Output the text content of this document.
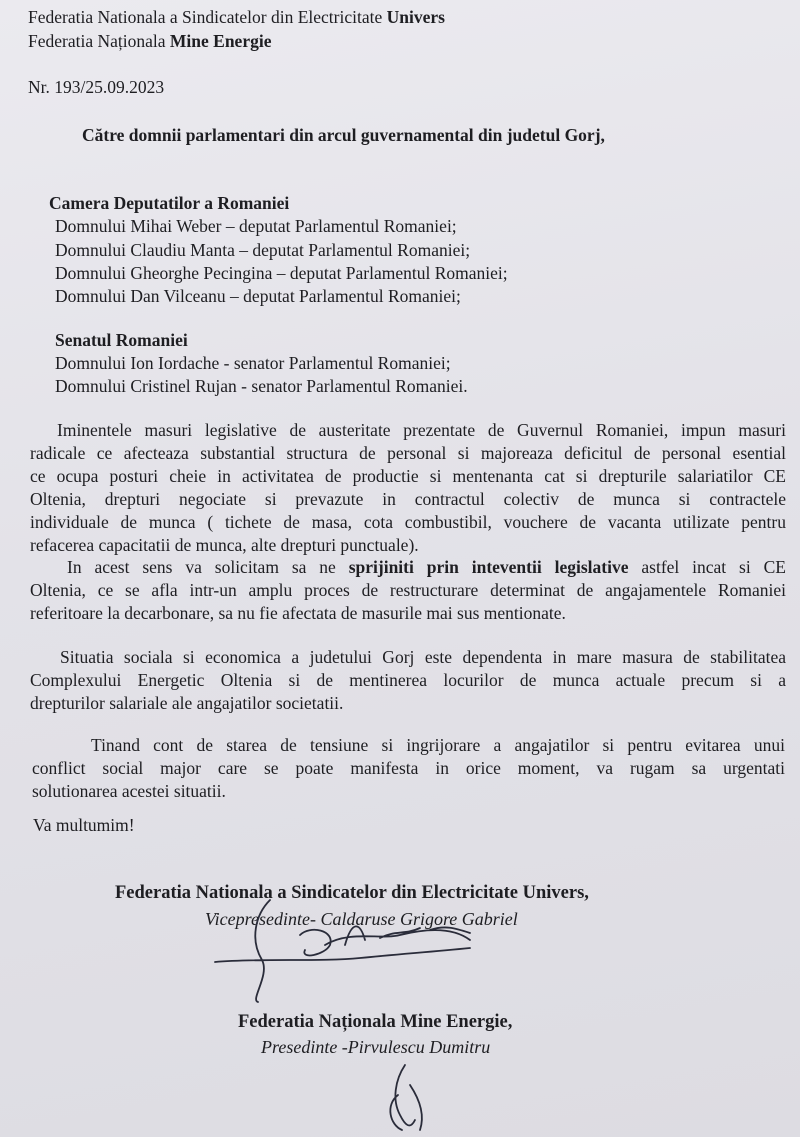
Federatia Nationala a Sindicatelor din Electricitate Univers
Federatia Naționala Mine Energie
Nr. 193/25.09.2023
Către domnii parlamentari din arcul guvernamental din judetul Gorj,
Camera Deputatilor a Romaniei
Domnului Mihai Weber – deputat Parlamentul Romaniei;
Domnului Claudiu Manta – deputat Parlamentul Romaniei;
Domnului Gheorghe Pecingina – deputat Parlamentul Romaniei;
Domnului Dan Vilceanu – deputat Parlamentul Romaniei;
Senatul Romaniei
Domnului Ion Iordache - senator Parlamentul Romaniei;
Domnului Cristinel Rujan - senator Parlamentul Romaniei.
Iminentele masuri legislative de austeritate prezentate de Guvernul Romaniei, impun masuri
radicale ce afecteaza substantial structura de personal si majoreaza deficitul de personal esential
ce ocupa posturi cheie in activitatea de productie si mentenanta cat si drepturile salariatilor CE
Oltenia, drepturi negociate si prevazute in contractul colectiv de munca si contractele
individuale de munca ( tichete de masa, cota combustibil, vouchere de vacanta utilizate pentru
refacerea capacitatii de munca, alte drepturi punctuale).
In acest sens va solicitam sa ne sprijiniti prin inteventii legislative astfel incat si CE
Oltenia, ce se afla intr-un amplu proces de restructurare determinat de angajamentele Romaniei
referitoare la decarbonare, sa nu fie afectata de masurile mai sus mentionate.
Situatia sociala si economica a judetului Gorj este dependenta in mare masura de stabilitatea
Complexului Energetic Oltenia si de mentinerea locurilor de munca actuale precum si a
drepturilor salariale ale angajatilor societatii.
Tinand cont de starea de tensiune si ingrijorare a angajatilor si pentru evitarea unui
conflict social major care se poate manifesta in orice moment, va rugam sa urgentati
solutionarea acestei situatii.
Va multumim!
Federatia Nationala a Sindicatelor din Electricitate Univers,
Vicepresedinte- Caldaruse Grigore Gabriel
Federatia Naționala Mine Energie,
Presedinte -Pirvulescu Dumitru
